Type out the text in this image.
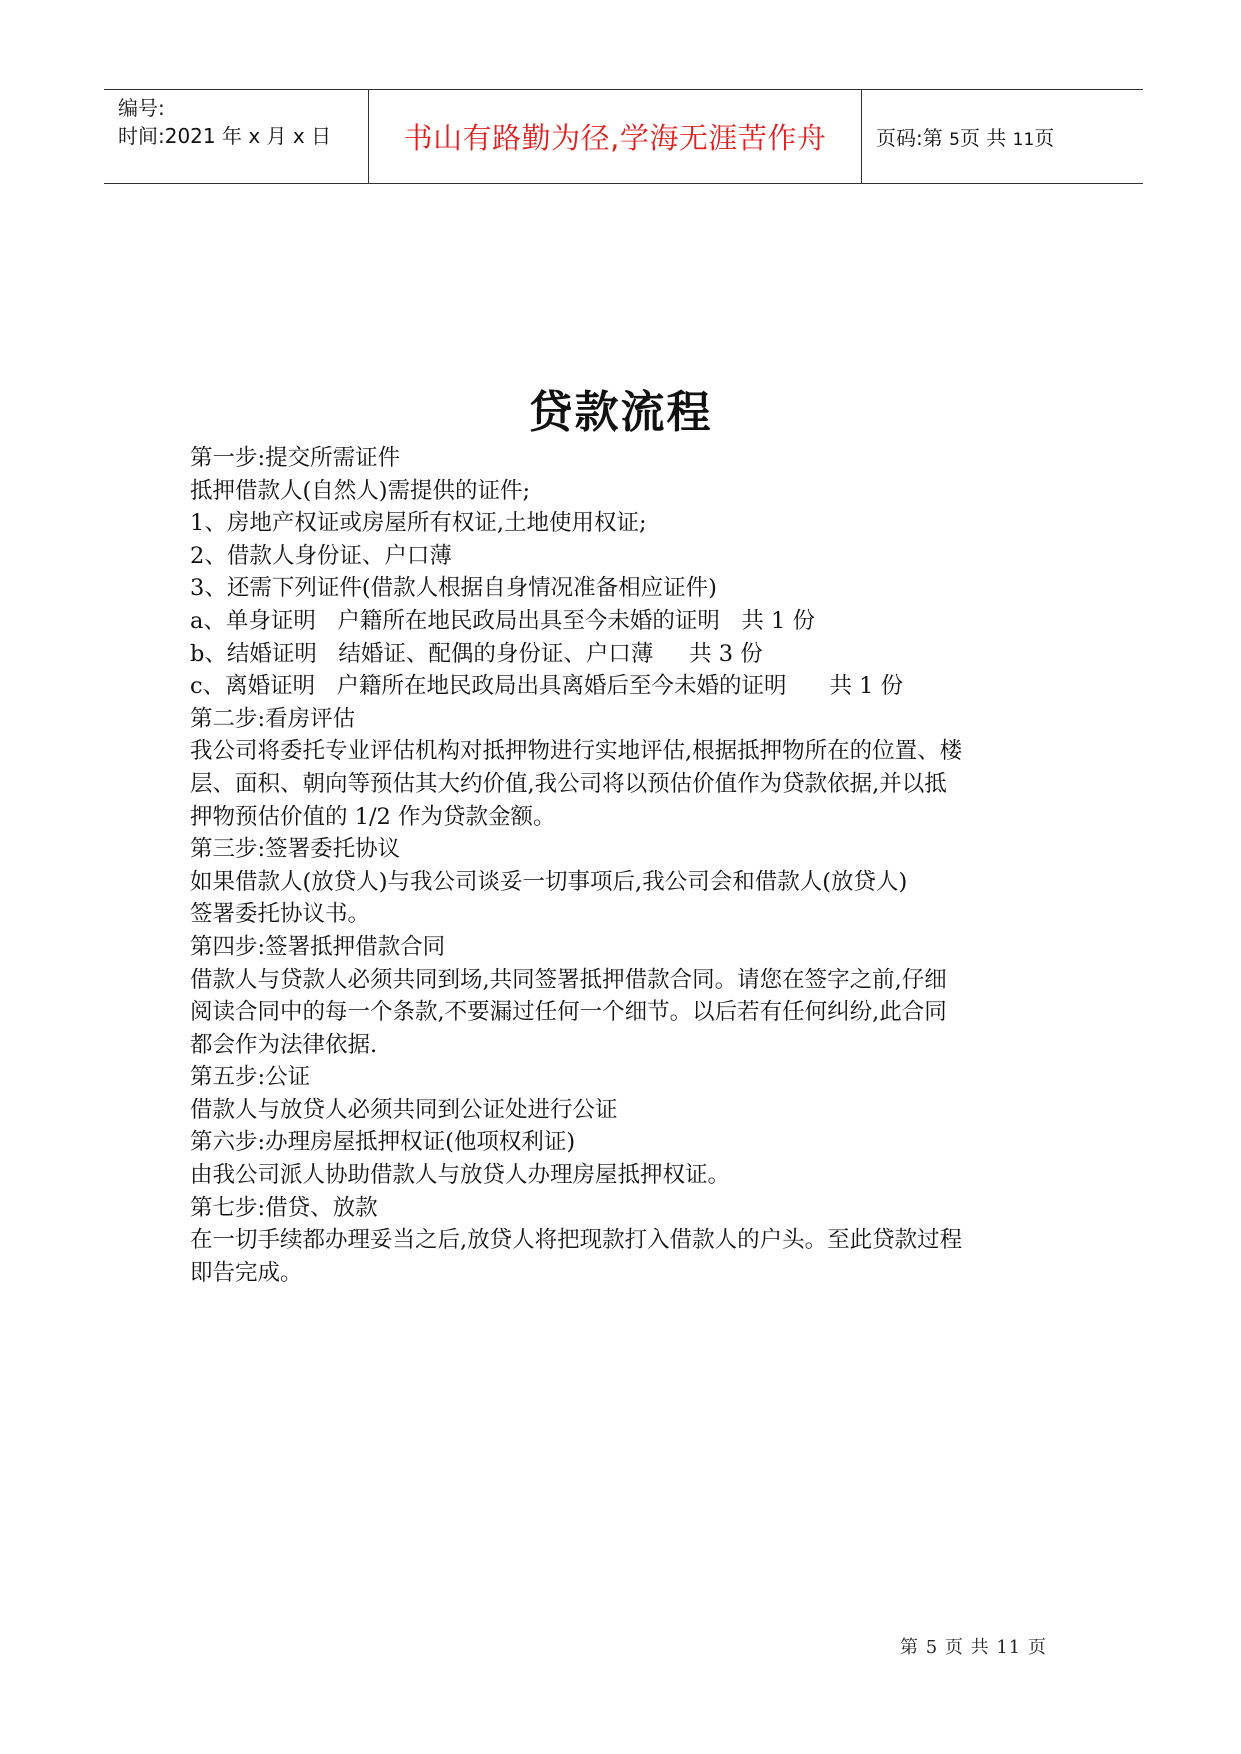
编号:
时间:2021 年 x 月 x 日	书山有路勤为径,学海无涯苦作舟	页码:第 5页 共 11页
贷款流程

第一步:提交所需证件

抵押借款人(自然人)需提供的证件;

1、房地产权证或房屋所有权证,土地使用权证;

2、借款人身份证、户口薄

3、还需下列证件(借款人根据自身情况准备相应证件)

a、单身证明   户籍所在地民政局出具至今未婚的证明   共 1 份

b、结婚证明   结婚证、配偶的身份证、户口薄     共 3 份

c、离婚证明   户籍所在地民政局出具离婚后至今未婚的证明      共 1 份

第二步:看房评估

我公司将委托专业评估机构对抵押物进行实地评估,根据抵押物所在的位置、楼

层、面积、朝向等预估其大约价值,我公司将以预估价值作为贷款依据,并以抵

押物预估价值的 1/2 作为贷款金额。

第三步:签署委托协议

如果借款人(放贷人)与我公司谈妥一切事项后,我公司会和借款人(放贷人)

签署委托协议书。

第四步:签署抵押借款合同

借款人与贷款人必须共同到场,共同签署抵押借款合同。请您在签字之前,仔细

阅读合同中的每一个条款,不要漏过任何一个细节。以后若有任何纠纷,此合同

都会作为法律依据.

第五步:公证

借款人与放贷人必须共同到公证处进行公证

第六步:办理房屋抵押权证(他项权利证)

由我公司派人协助借款人与放贷人办理房屋抵押权证。

第七步:借贷、放款

在一切手续都办理妥当之后,放贷人将把现款打入借款人的户头。至此贷款过程

即告完成。

第 5 页 共 11 页
